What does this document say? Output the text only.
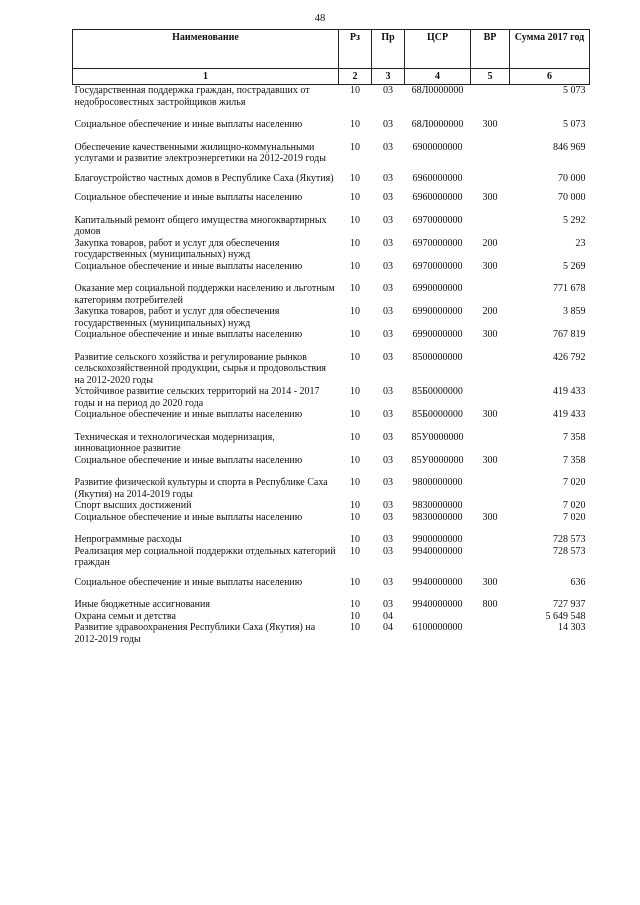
48
Наименование	Рз	Пр	ЦСР	ВР	Сумма 2017 год
1	2	3	4	5	6
Государственная поддержка граждан, пострадавших от недобросовестных застройщиков жилья	10	03	68Л0000000		5 073
Социальное обеспечение и иные выплаты населению	10	03	68Л0000000	300	5 073
Обеспечение качественными жилищно-коммунальными услугами и развитие электроэнергетики на 2012-2019 годы	10	03	6900000000		846 969
Благоустройство частных домов в Республике Саха (Якутия)	10	03	6960000000		70 000
Социальное обеспечение и иные выплаты населению	10	03	6960000000	300	70 000
Капитальный ремонт общего имущества многоквартирных домов	10	03	6970000000		5 292
Закупка товаров, работ и услуг для обеспечения государственных (муниципальных) нужд	10	03	6970000000	200	23
Социальное обеспечение и иные выплаты населению	10	03	6970000000	300	5 269
Оказание мер социальной поддержки населению и льготным категориям потребителей	10	03	6990000000		771 678
Закупка товаров, работ и услуг для обеспечения государственных (муниципальных) нужд	10	03	6990000000	200	3 859
Социальное обеспечение и иные выплаты населению	10	03	6990000000	300	767 819
Развитие сельского хозяйства и регулирование рынков сельскохозяйственной продукции, сырья и продовольствия на 2012-2020 годы	10	03	8500000000		426 792
Устойчивое развитие сельских территорий на 2014 - 2017 годы и на период до 2020 года	10	03	85Б0000000		419 433
Социальное обеспечение и иные выплаты населению	10	03	85Б0000000	300	419 433
Техническая и технологическая модернизация, инновационное развитие	10	03	85У0000000		7 358
Социальное обеспечение и иные выплаты населению	10	03	85У0000000	300	7 358
Развитие физической культуры и спорта в Республике Саха (Якутия) на 2014-2019 годы	10	03	9800000000		7 020
Спорт высших достижений	10	03	9830000000		7 020
Социальное обеспечение и иные выплаты населению	10	03	9830000000	300	7 020
Непрограммные расходы	10	03	9900000000		728 573
Реализация мер социальной поддержки отдельных категорий граждан	10	03	9940000000		728 573
Социальное обеспечение и иные выплаты населению	10	03	9940000000	300	636
Иные бюджетные ассигнования	10	03	9940000000	800	727 937
Охрана семьи и детства	10	04			5 649 548
Развитие здравоохранения Республики Саха (Якутия) на 2012-2019 годы	10	04	6100000000		14 303
